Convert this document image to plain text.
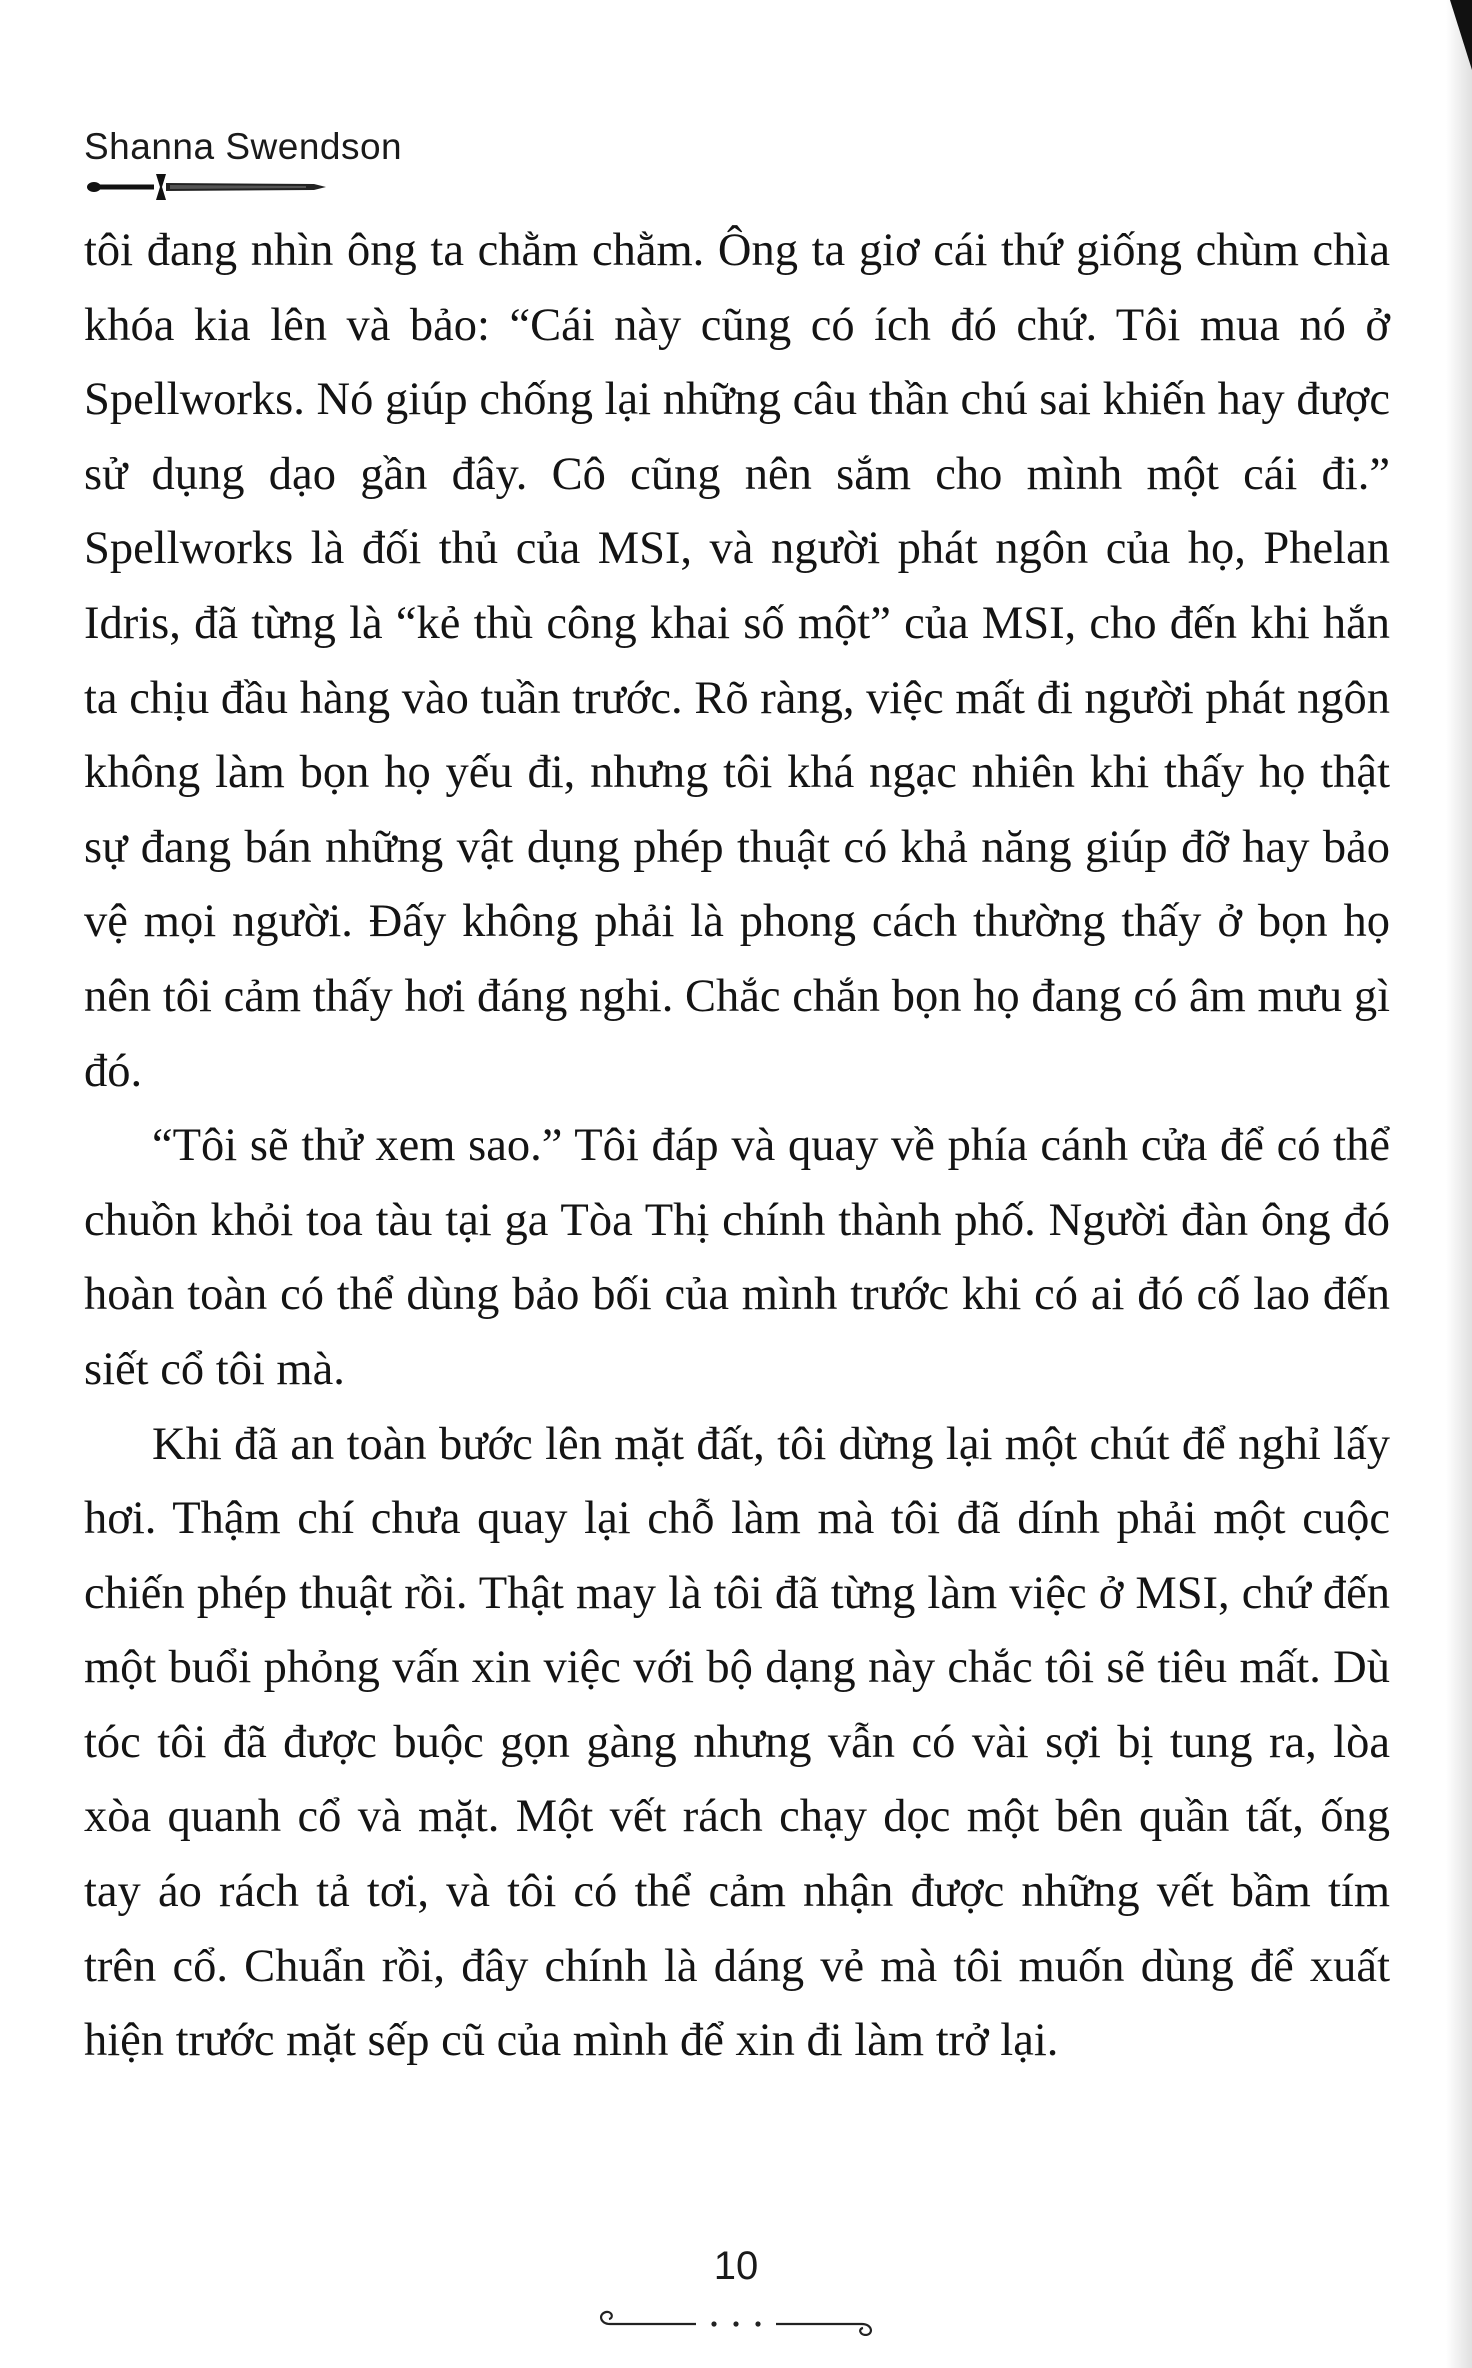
Shanna Swendson

tôi đang nhìn ông ta chằm chằm. Ông ta giơ cái thứ giống chùm chìa khóa kia lên và bảo: “Cái này cũng có ích đó chứ. Tôi mua nó ở Spellworks. Nó giúp chống lại những câu thần chú sai khiến hay được sử dụng dạo gần đây. Cô cũng nên sắm cho mình một cái đi.” Spellworks là đối thủ của MSI, và người phát ngôn của họ, Phelan Idris, đã từng là “kẻ thù công khai số một” của MSI, cho đến khi hắn ta chịu đầu hàng vào tuần trước. Rõ ràng, việc mất đi người phát ngôn không làm bọn họ yếu đi, nhưng tôi khá ngạc nhiên khi thấy họ thật sự đang bán những vật dụng phép thuật có khả năng giúp đỡ hay bảo vệ mọi người. Đấy không phải là phong cách thường thấy ở bọn họ nên tôi cảm thấy hơi đáng nghi. Chắc chắn bọn họ đang có âm mưu gì đó.

“Tôi sẽ thử xem sao.” Tôi đáp và quay về phía cánh cửa để có thể chuồn khỏi toa tàu tại ga Tòa Thị chính thành phố. Người đàn ông đó hoàn toàn có thể dùng bảo bối của mình trước khi có ai đó cố lao đến siết cổ tôi mà.

Khi đã an toàn bước lên mặt đất, tôi dừng lại một chút để nghỉ lấy hơi. Thậm chí chưa quay lại chỗ làm mà tôi đã dính phải một cuộc chiến phép thuật rồi. Thật may là tôi đã từng làm việc ở MSI, chứ đến một buổi phỏng vấn xin việc với bộ dạng này chắc tôi sẽ tiêu mất. Dù tóc tôi đã được buộc gọn gàng nhưng vẫn có vài sợi bị tung ra, lòa xòa quanh cổ và mặt. Một vết rách chạy dọc một bên quần tất, ống tay áo rách tả tơi, và tôi có thể cảm nhận được những vết bầm tím trên cổ. Chuẩn rồi, đây chính là dáng vẻ mà tôi muốn dùng để xuất hiện trước mặt sếp cũ của mình để xin đi làm trở lại.

10
